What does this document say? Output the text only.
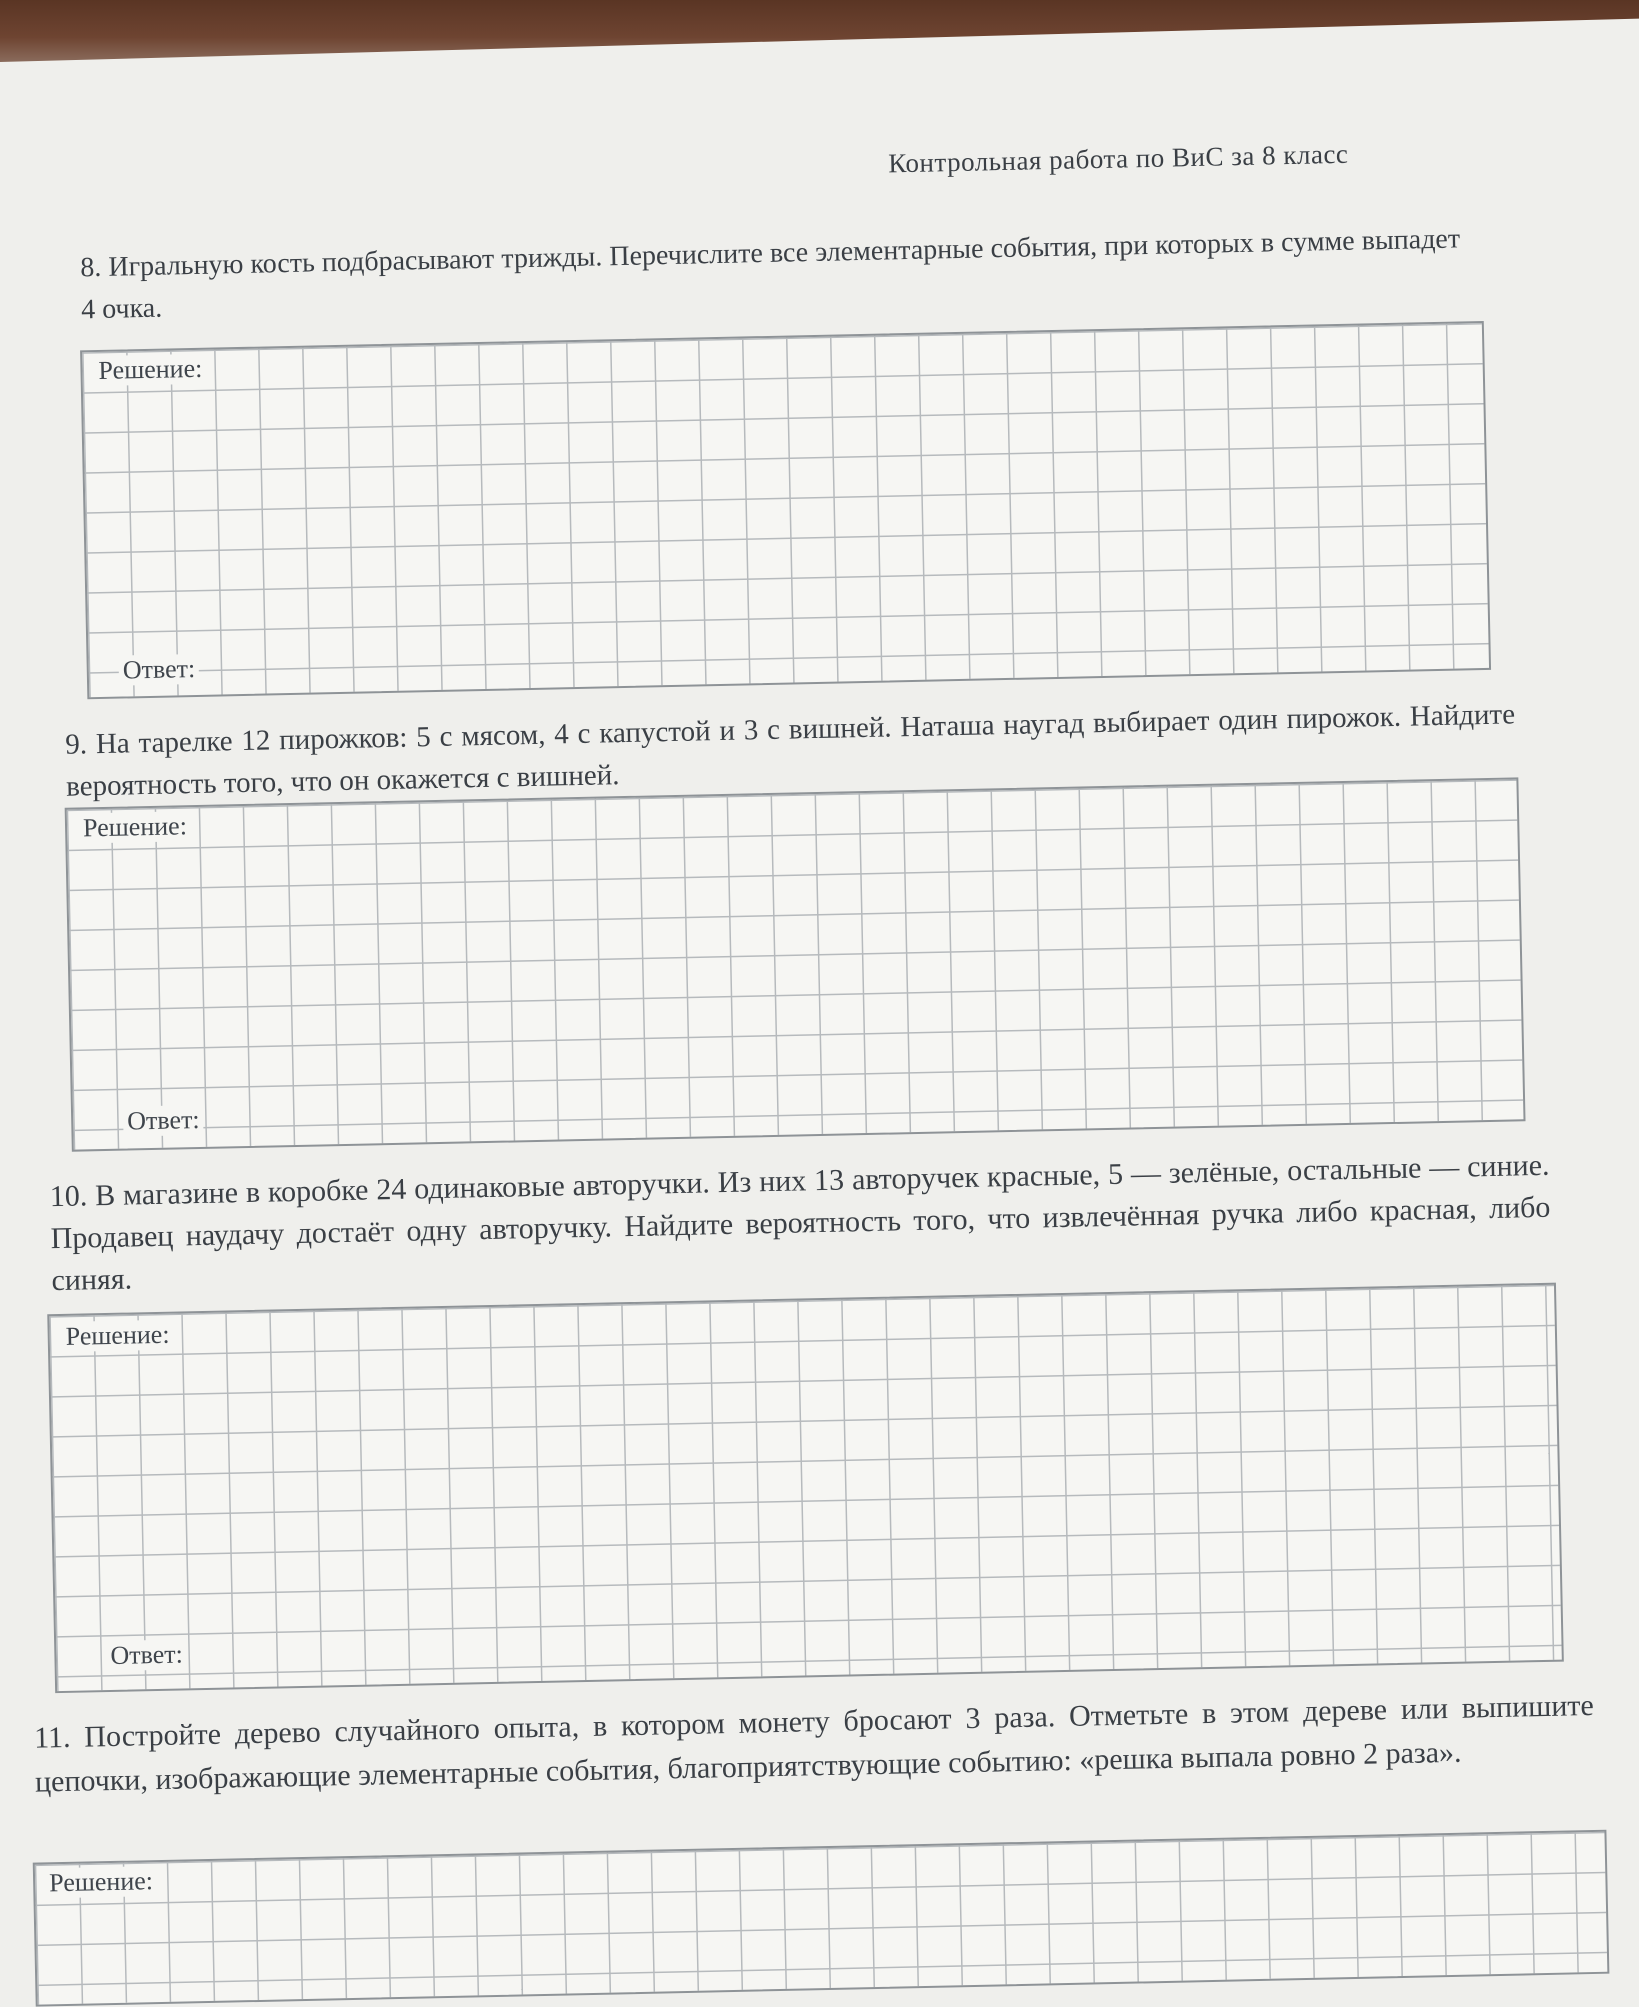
Контрольная работа по ВиС за 8 класс
8. Игральную кость подбрасывают трижды. Перечислите все элементарные события, при которых в сумме выпадет 4 очка.
Решение:
Ответ:
9. На тарелке 12 пирожков: 5 с мясом, 4 с капустой и 3 с вишней. Наташа наугад выбирает один пирожок. Найдите вероятность того, что он окажется с вишней.
Решение:
Ответ:
10. В магазине в коробке 24 одинаковые авторучки. Из них 13 авторучек красные, 5 — зелёные, остальные — синие. Продавец наудачу достаёт одну авторучку. Найдите вероятность того, что извлечённая ручка либо красная, либо синяя.
Решение:
Ответ:
11. Постройте дерево случайного опыта, в котором монету бросают 3 раза. Отметьте в этом дереве или выпишите цепочки, изображающие элементарные события, благоприятствующие событию: «решка выпала ровно 2 раза».
Решение:
